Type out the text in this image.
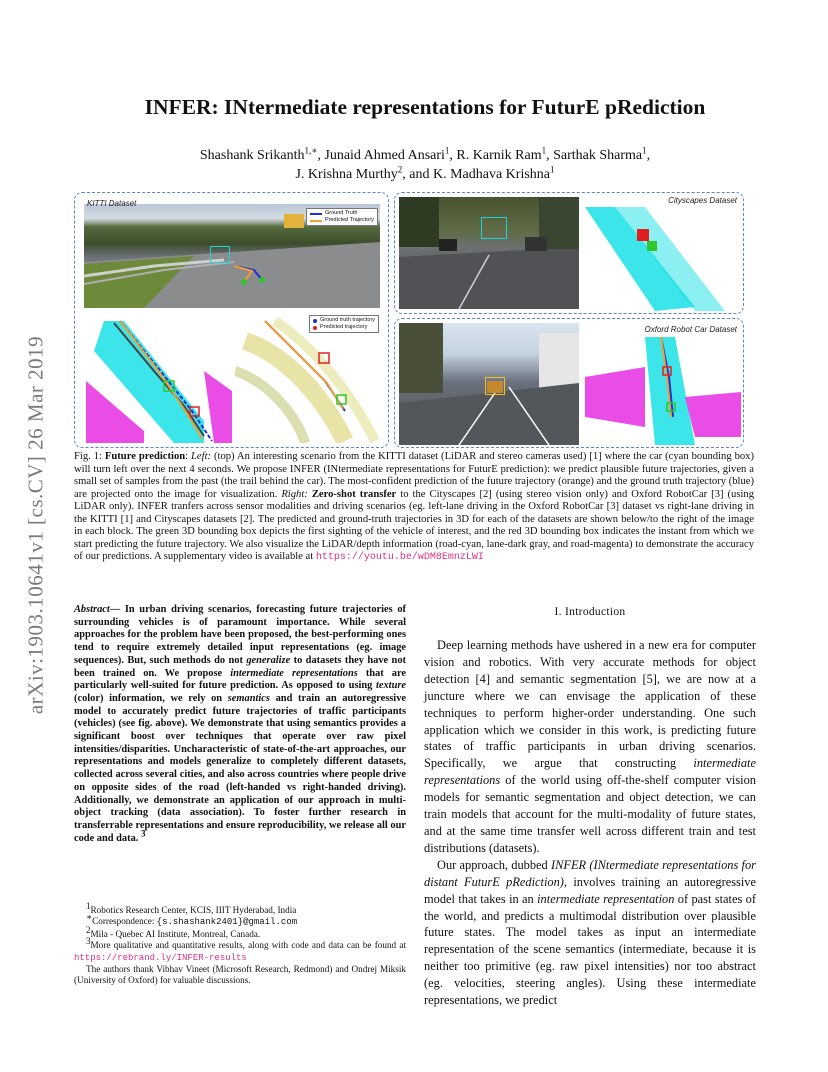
arXiv:1903.10641v1 [cs.CV] 26 Mar 2019
INFER: INtermediate representations for FuturE pRediction
Shashank Srikanth$^{1,∗}$, Junaid Ahmed Ansari$^1$, R. Karnik Ram$^1$, Sarthak Sharma$^1$,
J. Krishna Murthy$^2$, and K. Madhava Krishna$^1$
KITTI Dataset
Ground Truth
Predicted Trajectory
Ground truth trajectory
Predicted trajectory
Cityscapes Dataset
Oxford Robot Car Dataset

Fig. 1: Future prediction: Left: (top) An interesting scenario from the KITTI dataset (LiDAR and stereo cameras used) [1] where the car (cyan bounding box) will turn left over the next 4 seconds. We propose INFER (INtermediate representations for FuturE prediction): we predict plausible future trajectories, given a small set of samples from the past (the trail behind the car). The most-confident prediction of the future trajectory (orange) and the ground truth trajectory (blue) are projected onto the image for visualization. Right: Zero-shot transfer to the Cityscapes [2] (using stereo vision only) and Oxford RobotCar [3] (using LiDAR only). INFER tranfers across sensor modalities and driving scenarios (eg. left-lane driving in the Oxford RobotCar [3] dataset vs right-lane driving in the KITTI [1] and Cityscapes datasets [2]. The predicted and ground-truth trajectories in 3D for each of the datasets are shown below/to the right of the image in each block. The green 3D bounding box depicts the first sighting of the vehicle of interest, and the red 3D bounding box indicates the instant from which we start predicting the future trajectory. We also visualize the LiDAR/depth information (road-cyan, lane-dark gray, and road-magenta) to demonstrate the accuracy of our predictions. A supplementary video is available at https://youtu.be/wDM8EmnzLWI

Abstract— In urban driving scenarios, forecasting future trajectories of surrounding vehicles is of paramount importance. While several approaches for the problem have been proposed, the best-performing ones tend to require extremely detailed input representations (eg. image sequences). But, such methods do not generalize to datasets they have not been trained on. We propose intermediate representations that are particularly well-suited for future prediction. As opposed to using texture (color) information, we rely on semantics and train an autoregressive model to accurately predict future trajectories of traffic participants (vehicles) (see fig. above). We demonstrate that using semantics provides a significant boost over techniques that operate over raw pixel intensities/disparities. Uncharacteristic of state-of-the-art approaches, our representations and models generalize to completely different datasets, collected across several cities, and also across countries where people drive on opposite sides of the road (left-handed vs right-handed driving). Additionally, we demonstrate an application of our approach in multi-object tracking (data association). To foster further research in transferrable representations and ensure reproducibility, we release all our code and data. $^3$

$^1$Robotics Research Center, KCIS, IIIT Hyderabad, India

∗Correspondence: {s.shashank2401}@gmail.com

$^2$Mila - Quebec AI Institute, Montreal, Canada.

$^3$More qualitative and quantitative results, along with code and data can be found at https://rebrand.ly/INFER-results

The authors thank Vibhav Vineet (Microsoft Research, Redmond) and Ondrej Miksik (University of Oxford) for valuable discussions.

I. Introduction

Deep learning methods have ushered in a new era for computer vision and robotics. With very accurate methods for object detection [4] and semantic segmentation [5], we are now at a juncture where we can envisage the application of these techniques to perform higher-order understanding. One such application which we consider in this work, is predicting future states of traffic participants in urban driving scenarios. Specifically, we argue that constructing intermediate representations of the world using off-the-shelf computer vision models for semantic segmentation and object detection, we can train models that account for the multi-modality of future states, and at the same time transfer well across different train and test distributions (datasets).

Our approach, dubbed INFER (INtermediate representations for distant FuturE pRediction), involves training an autoregressive model that takes in an intermediate representation of past states of the world, and predicts a multimodal distribution over plausible future states. The model takes as input an intermediate representation of the scene semantics (intermediate, because it is neither too primitive (eg. raw pixel intensities) nor too abstract (eg. velocities, steering angles). Using these intermediate representations, we predict
